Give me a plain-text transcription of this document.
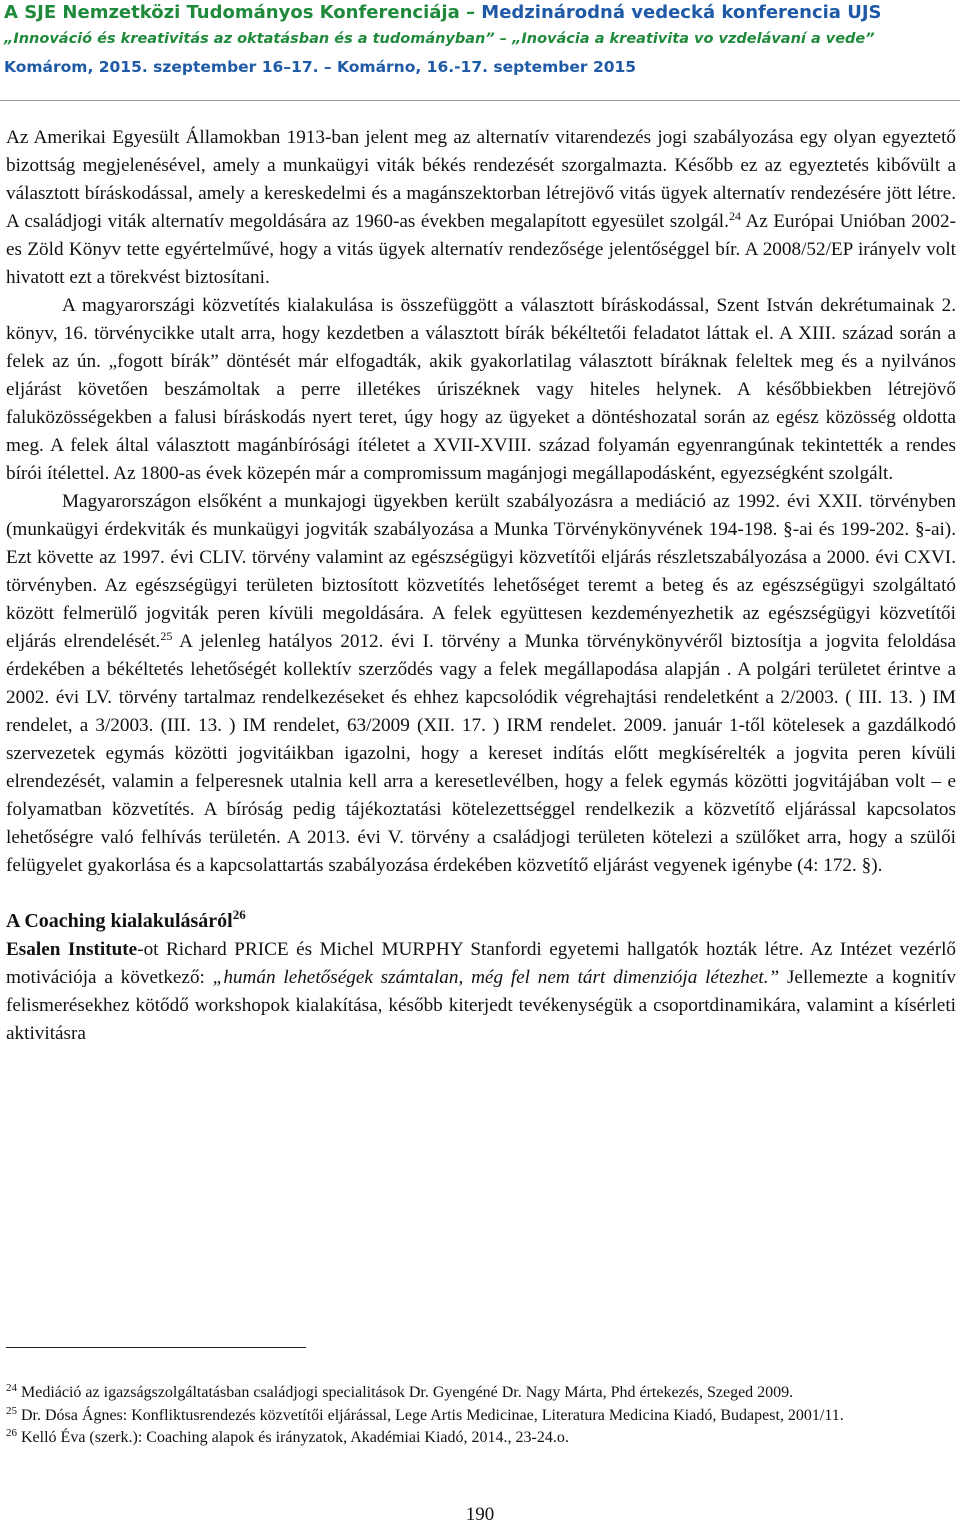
A SJE Nemzetközi Tudományos Konferenciája – Medzinárodná vedecká konferencia UJS
„Innováció és kreativitás az oktatásban és a tudományban” – „Inovácia a kreativita vo vzdelávaní a vede”
Komárom, 2015. szeptember 16–17. – Komárno, 16.-17. september 2015

Az Amerikai Egyesült Államokban 1913-ban jelent meg az alternatív vitarendezés jogi szabályozása egy olyan egyeztető bizottság megjelenésével, amely a munkaügyi viták békés rendezését szorgalmazta. Később ez az egyeztetés kibővült a választott bíráskodással, amely a kereskedelmi és a magánszektorban létrejövő vitás ügyek alternatív rendezésére jött létre. A családjogi viták alternatív megoldására az 1960-as években megalapított egyesület szolgál.$^{24}$ Az Európai Unióban 2002-es Zöld Könyv tette egyértelművé, hogy a vitás ügyek alternatív rendezősége jelentőséggel bír. A 2008/52/EP irányelv volt hivatott ezt a törekvést biztosítani.

A magyarországi közvetítés kialakulása is összefüggött a választott bíráskodással, Szent István dekrétumainak 2. könyv, 16. törvénycikke utalt arra, hogy kezdetben a választott bírák békéltetői feladatot láttak el. A XIII. század során a felek az ún. „fogott bírák” döntését már elfogadták, akik gyakorlatilag választott bíráknak feleltek meg és a nyilvános eljárást követően beszámoltak a perre illetékes úriszéknek vagy hiteles helynek. A későbbiekben létrejövő faluközösségekben a falusi bíráskodás nyert teret, úgy hogy az ügyeket a döntéshozatal során az egész közösség oldotta meg. A felek által választott magánbírósági ítéletet a XVII-XVIII. század folyamán egyenrangúnak tekintették a rendes bírói ítélettel. Az 1800-as évek közepén már a compromissum magánjogi megállapodásként, egyezségként szolgált.

Magyarországon elsőként a munkajogi ügyekben került szabályozásra a mediáció az 1992. évi XXII. törvényben (munkaügyi érdekviták és munkaügyi jogviták szabályozása a Munka Törvénykönyvének 194-198. §-ai és 199-202. §-ai). Ezt követte az 1997. évi CLIV. törvény valamint az egészségügyi közvetítői eljárás részletszabályozása a 2000. évi CXVI. törvényben. Az egészségügyi területen biztosított közvetítés lehetőséget teremt a beteg és az egészségügyi szolgáltató között felmerülő jogviták peren kívüli megoldására. A felek együttesen kezdeményezhetik az egészségügyi közvetítői eljárás elrendelését.$^{25}$ A jelenleg hatályos 2012. évi I. törvény a Munka törvénykönyvéről biztosítja a jogvita feloldása érdekében a békéltetés lehetőségét kollektív szerződés vagy a felek megállapodása alapján . A polgári területet érintve a 2002. évi LV. törvény tartalmaz rendelkezéseket és ehhez kapcsolódik végrehajtási rendeletként a 2/2003. ( III. 13. ) IM rendelet, a 3/2003. (III. 13. ) IM rendelet, 63/2009 (XII. 17. ) IRM rendelet. 2009. január 1-től kötelesek a gazdálkodó szervezetek egymás közötti jogvitáikban igazolni, hogy a kereset indítás előtt megkísérelték a jogvita peren kívüli elrendezését, valamin a felperesnek utalnia kell arra a keresetlevélben, hogy a felek egymás közötti jogvitájában volt – e folyamatban közvetítés. A bíróság pedig tájékoztatási kötelezettséggel rendelkezik a közvetítő eljárással kapcsolatos lehetőségre való felhívás területén. A 2013. évi V. törvény a családjogi területen kötelezi a szülőket arra, hogy a szülői felügyelet gyakorlása és a kapcsolattartás szabályozása érdekében közvetítő eljárást vegyenek igénybe (4: 172. §).

A Coaching kialakulásáról$^{26}$

Esalen Institute-ot Richard PRICE és Michel MURPHY Stanfordi egyetemi hallgatók hozták létre. Az Intézet vezérlő motivációja a következő: „humán lehetőségek számtalan, még fel nem tárt dimenziója létezhet.” Jellemezte a kognitív felismerésekhez kötődő workshopok kialakítása, később kiterjedt tevékenységük a csoportdinamikára, valamint a kísérleti aktivitásra

$^{24}$ Mediáció az igazságszolgáltatásban családjogi specialitások Dr. Gyengéné Dr. Nagy Márta, Phd értekezés, Szeged 2009.

$^{25}$ Dr. Dósa Ágnes: Konfliktusrendezés közvetítői eljárással, Lege Artis Medicinae, Literatura Medicina Kiadó, Budapest, 2001/11.

$^{26}$ Kelló Éva (szerk.): Coaching alapok és irányzatok, Akadémiai Kiadó, 2014., 23-24.o.

190
